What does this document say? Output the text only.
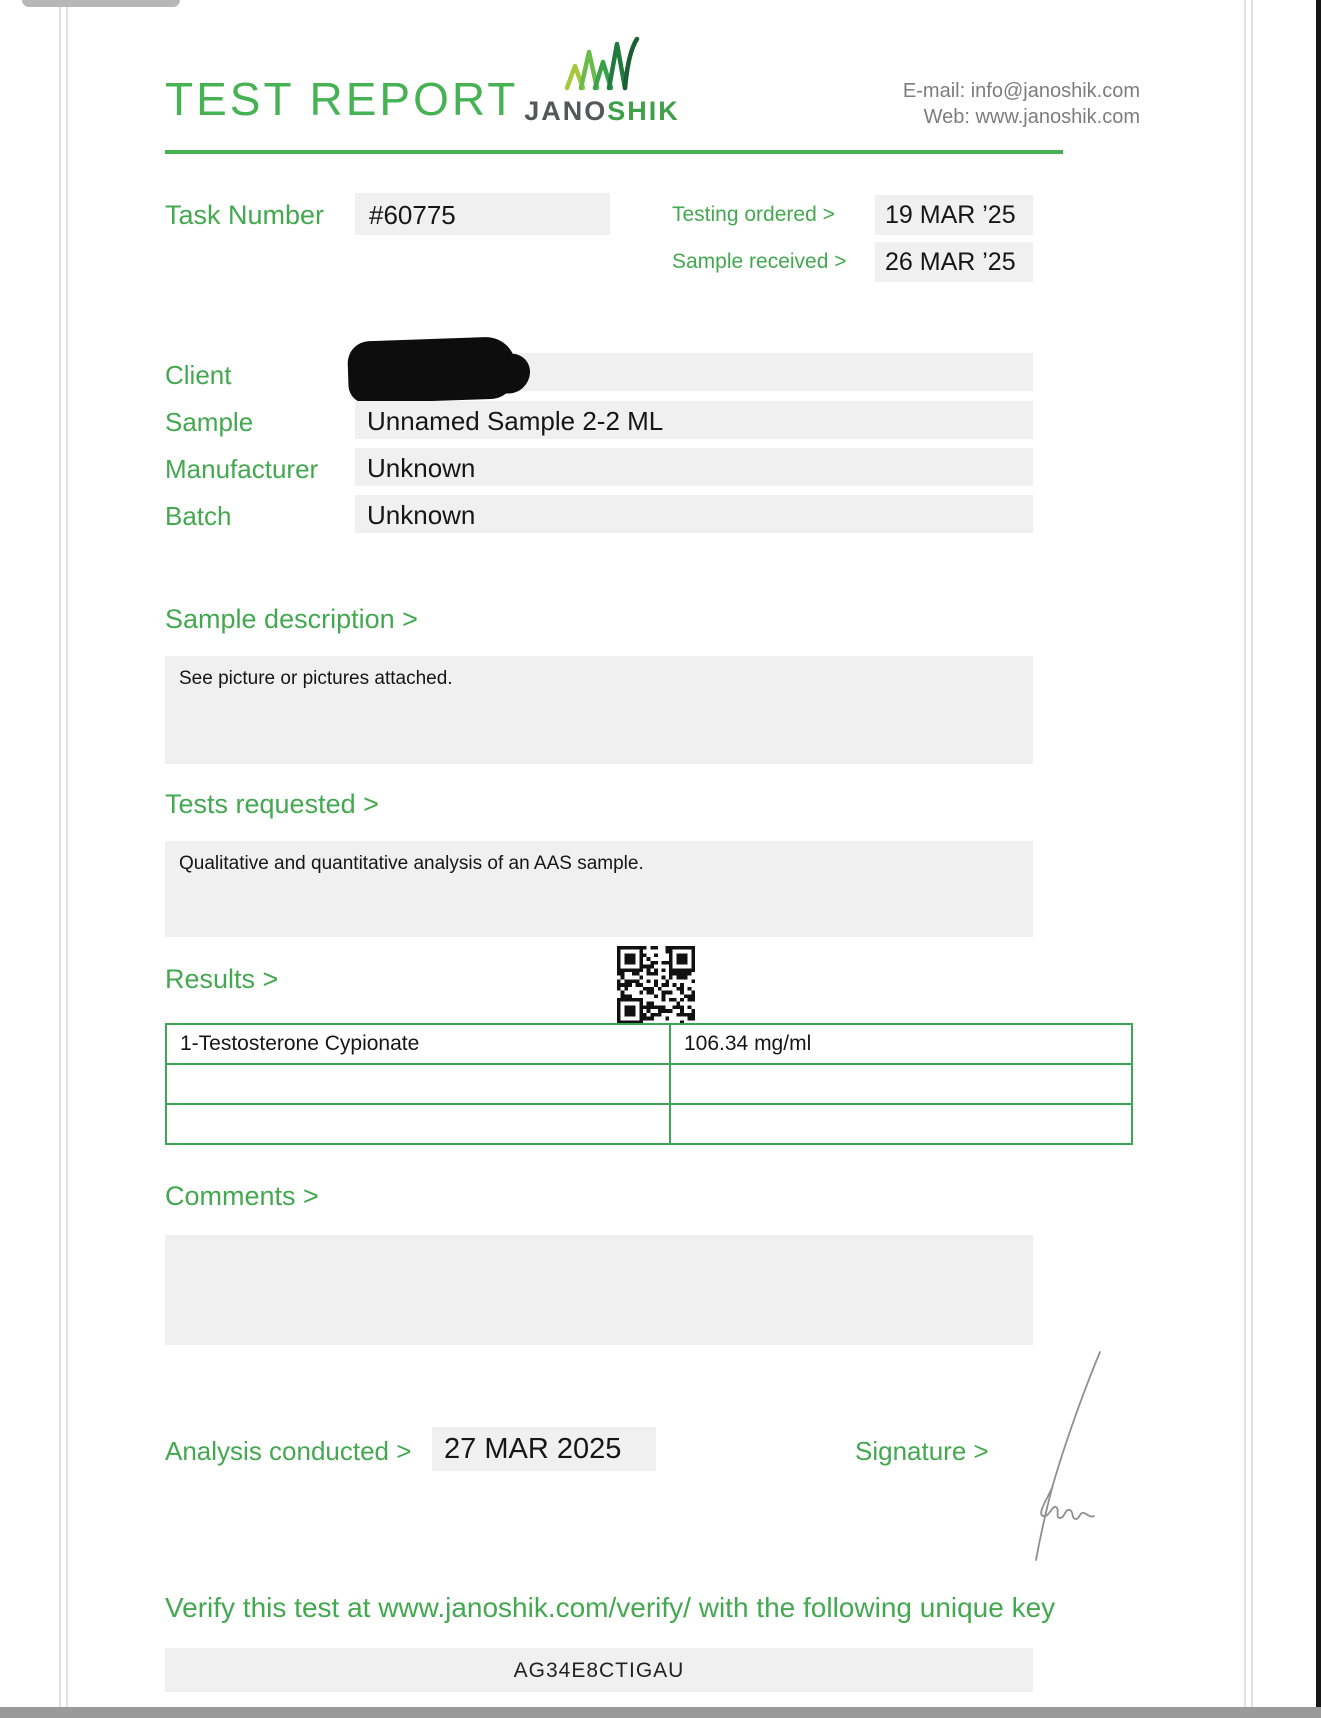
TEST REPORT JANOSHIK
E-mail: info@janoshik.com
Web: www.janoshik.com
Task Number	#60775	Testing ordered >	19 MAR ’25
Sample received >	26 MAR ’25
Client
Sample	Unnamed Sample 2-2 ML
Manufacturer	Unknown
Batch	Unknown
Sample description >
See picture or pictures attached.
Tests requested >
Qualitative and quantitative analysis of an AAS sample.
Results >
1-Testosterone Cypionate	106.34 mg/ml

Comments >
Analysis conducted >	27 MAR 2025	Signature >
Verify this test at www.janoshik.com/verify/ with the following unique key
AG34E8CTIGAU
